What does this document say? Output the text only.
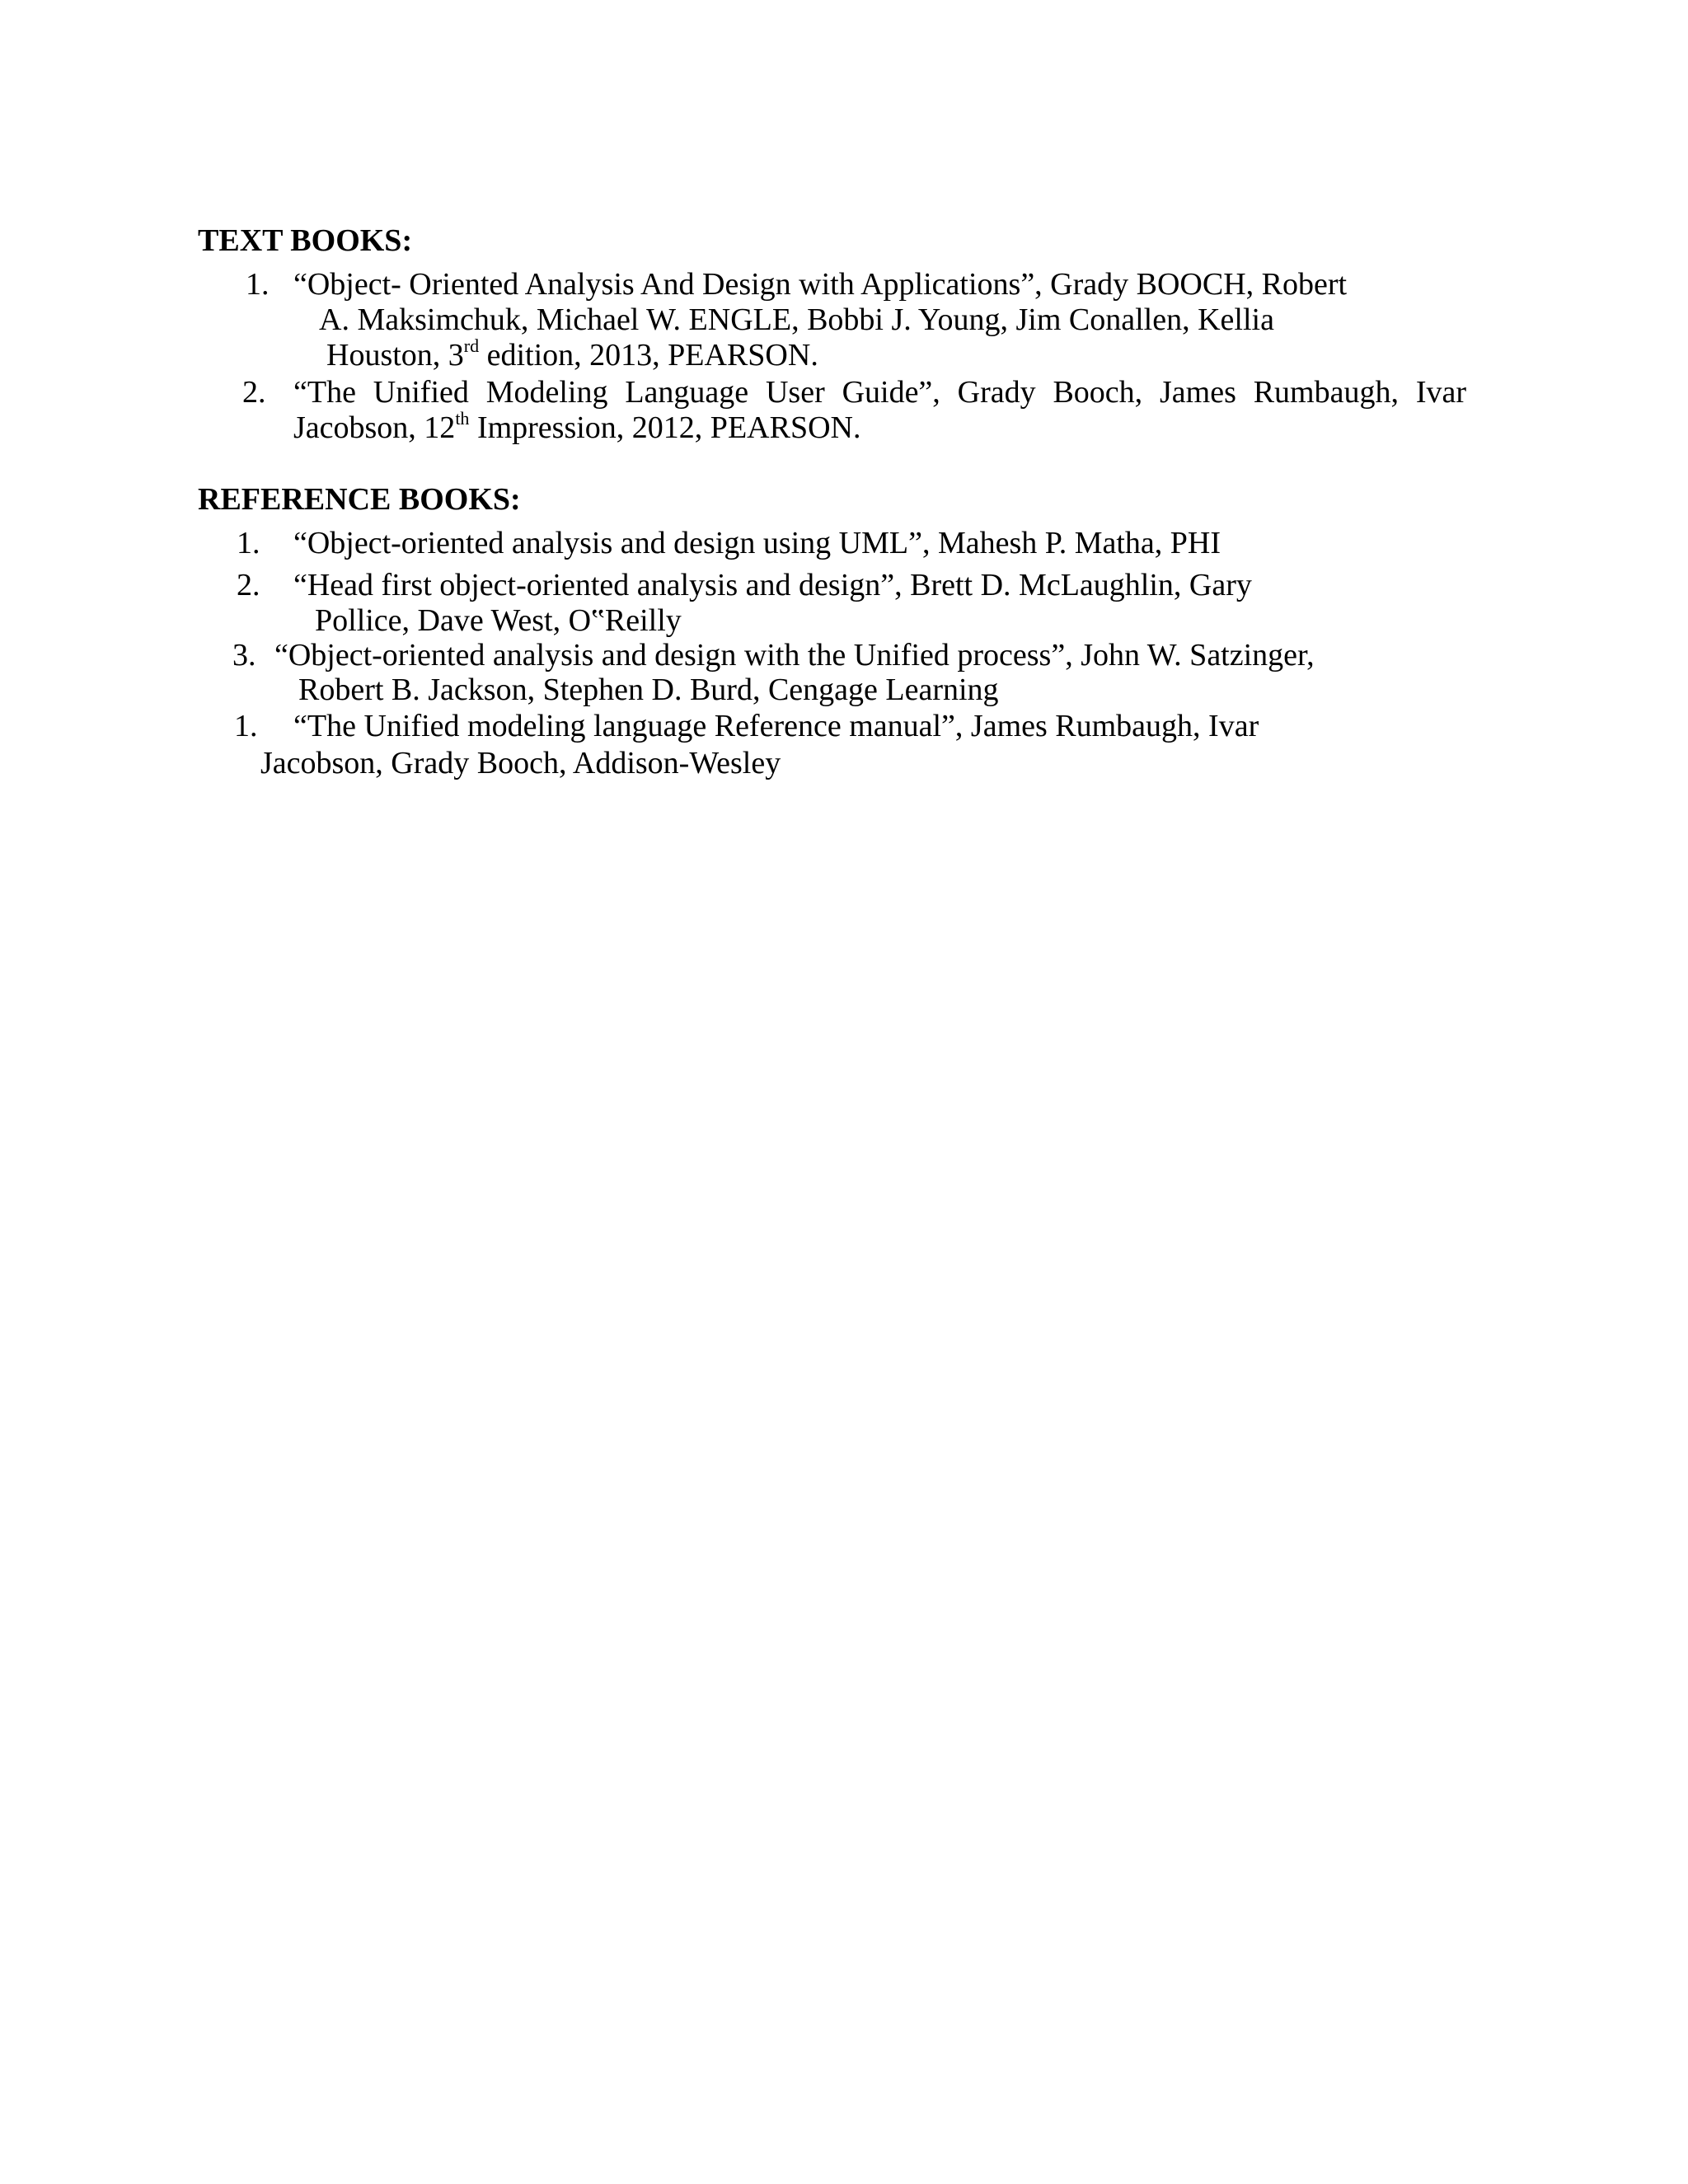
TEXT BOOKS:
1. “Object- Oriented Analysis And Design with Applications”, Grady BOOCH, Robert
A. Maksimchuk, Michael W. ENGLE, Bobbi J. Young, Jim Conallen, Kellia
Houston, 3rd edition, 2013, PEARSON.
2. “The Unified Modeling Language User Guide”, Grady Booch, James Rumbaugh, Ivar
Jacobson, 12th Impression, 2012, PEARSON.
REFERENCE BOOKS:
1. “Object-oriented analysis and design using UML”, Mahesh P. Matha, PHI
2. “Head first object-oriented analysis and design”, Brett D. McLaughlin, Gary
Pollice, Dave West, O‟Reilly
3. “Object-oriented analysis and design with the Unified process”, John W. Satzinger,
Robert B. Jackson, Stephen D. Burd, Cengage Learning
1. “The Unified modeling language Reference manual”, James Rumbaugh, Ivar
Jacobson, Grady Booch, Addison-Wesley
